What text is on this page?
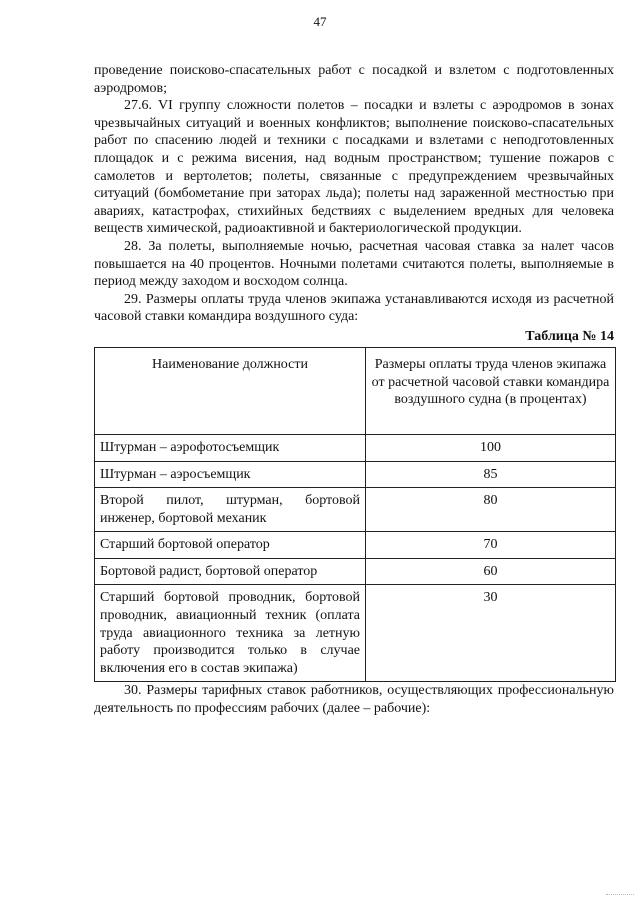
47

проведение поисково-спасательных работ с посадкой и взлетом с подготовленных аэродромов;

27.6. VI группу сложности полетов – посадки и взлеты с аэродромов в зонах чрезвычайных ситуаций и военных конфликтов; выполнение поисково-спасательных работ по спасению людей и техники с посадками и взлетами с неподготовленных площадок и с режима висения, над водным пространством; тушение пожаров с самолетов и вертолетов; полеты, связанные с предупреждением чрезвычайных ситуаций (бомбометание при заторах льда); полеты над зараженной местностью при авариях, катастрофах, стихийных бедствиях с выделением вредных для человека веществ химической, радиоактивной и бактериологической продукции.

28. За полеты, выполняемые ночью, расчетная часовая ставка за налет часов повышается на 40 процентов. Ночными полетами считаются полеты, выполняемые в период между заходом и восходом солнца.

29. Размеры оплаты труда членов экипажа устанавливаются исходя из расчетной часовой ставки командира воздушного суда:

Таблица № 14
Наименование должности	Размеры оплаты труда членов экипажа от расчетной часовой ставки командира воздушного судна (в процентах)
Штурман – аэрофотосъемщик	100
Штурман – аэросъемщик	85
Второй пилот, штурман, бортовой инженер, бортовой механик	80
Старший бортовой оператор	70
Бортовой радист, бортовой оператор	60
Старший бортовой проводник, бортовой проводник, авиационный техник (оплата труда авиационного техника за летную работу производится только в случае включения его в состав экипажа)	30

30. Размеры тарифных ставок работников, осуществляющих профессиональную деятельность по профессиям рабочих (далее – рабочие):
